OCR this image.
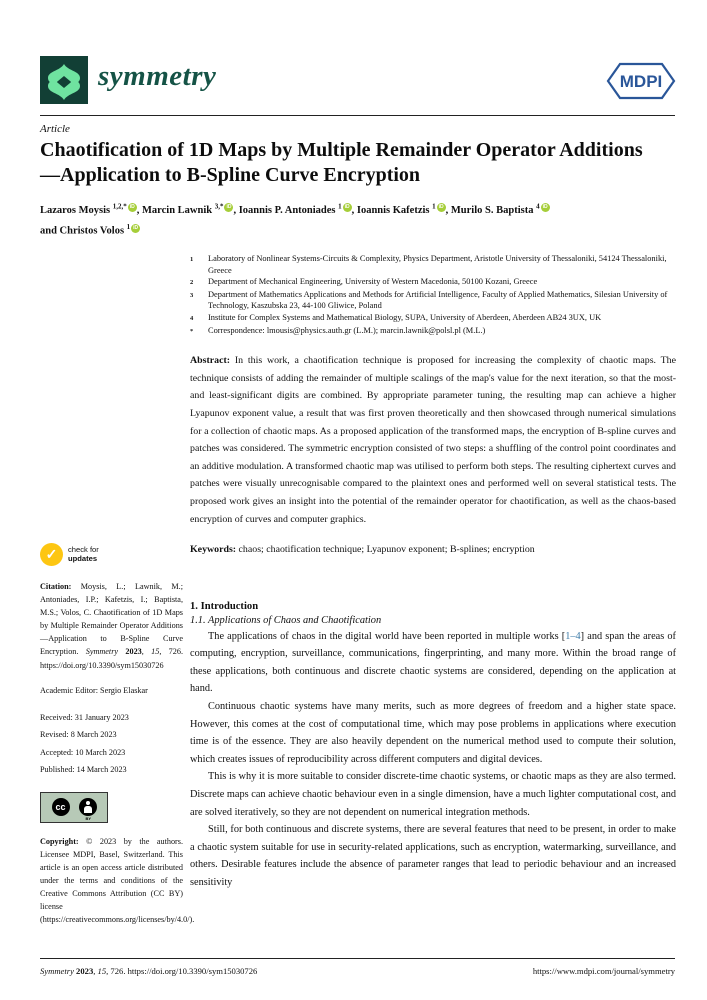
symmetry	MDPI
Article
Chaotification of 1D Maps by Multiple Remainder Operator Additions—Application to B-Spline Curve Encryption
Lazaros Moysis $^{1,2,*}$ iD , Marcin Lawnik $^{3,*}$ iD , Ioannis P. Antoniades $^1$ iD , Ioannis Kafetzis $^1$ iD , Murilo S. Baptista $^4$ iD
and Christos Volos $^1$ iD
✓	check for
updates
Citation: Moysis, L.; Lawnik, M.; Antoniades, I.P.; Kafetzis, I.; Baptista, M.S.; Volos, C. Chaotification of 1D Maps by Multiple Remainder Operator Additions—Application to B-Spline Curve Encryption. Symmetry 2023, 15, 726. https://doi.org/10.3390/sym15030726
Academic Editor: Sergio Elaskar
Received: 31 January 2023
Revised: 8 March 2023
Accepted: 10 March 2023
Published: 14 March 2023
cc
BY
Copyright: © 2023 by the authors. Licensee MDPI, Basel, Switzerland. This article is an open access article distributed under the terms and conditions of the Creative Commons Attribution (CC BY) license (https://creativecommons.org/licenses/by/4.0/).
1	Laboratory of Nonlinear Systems-Circuits & Complexity, Physics Department, Aristotle University of Thessaloniki, 54124 Thessaloniki, Greece
2	Department of Mechanical Engineering, University of Western Macedonia, 50100 Kozani, Greece
3	Department of Mathematics Applications and Methods for Artificial Intelligence, Faculty of Applied Mathematics, Silesian University of Technology, Kaszubska 23, 44-100 Gliwice, Poland
4	Institute for Complex Systems and Mathematical Biology, SUPA, University of Aberdeen, Aberdeen AB24 3UX, UK
*	Correspondence: lmousis@physics.auth.gr (L.M.); marcin.lawnik@polsl.pl (M.L.)
Abstract: In this work, a chaotification technique is proposed for increasing the complexity of chaotic maps. The technique consists of adding the remainder of multiple scalings of the map's value for the next iteration, so that the most- and least-significant digits are combined. By appropriate parameter tuning, the resulting map can achieve a higher Lyapunov exponent value, a result that was first proven theoretically and then showcased through numerical simulations for a collection of chaotic maps. As a proposed application of the transformed maps, the encryption of B-spline curves and patches was considered. The symmetric encryption consisted of two steps: a shuffling of the control point coordinates and an additive modulation. A transformed chaotic map was utilised to perform both steps. The resulting ciphertext curves and patches were visually unrecognisable compared to the plaintext ones and performed well on several statistical tests. The proposed work gives an insight into the potential of the remainder operator for chaotification, as well as the chaos-based encryption of curves and computer graphics.
Keywords: chaos; chaotification technique; Lyapunov exponent; B-splines; encryption
1. Introduction
1.1. Applications of Chaos and Chaotification

The applications of chaos in the digital world have been reported in multiple works [1–4] and span the areas of computing, encryption, surveillance, communications, fingerprinting, and many more. Within the broad range of these applications, both continuous and discrete chaotic systems are considered, depending on the application at hand.

Continuous chaotic systems have many merits, such as more degrees of freedom and a higher state space. However, this comes at the cost of computational time, which may pose problems in applications where execution time is of the essence. They are also heavily dependent on the numerical method used to compute their solution, which creates issues of reproducibility across different computers and digital devices.

This is why it is more suitable to consider discrete-time chaotic systems, or chaotic maps as they are also termed. Discrete maps can achieve chaotic behaviour even in a single dimension, have a much lighter computational cost, and are solved iteratively, so they are not dependent on numerical integration methods.

Still, for both continuous and discrete systems, there are several features that need to be present, in order to make a chaotic system suitable for use in security-related applications, such as encryption, watermarking, surveillance, and others. Desirable features include the absence of parameter ranges that lead to periodic behaviour and an increased sensitivity

Symmetry 2023, 15, 726. https://doi.org/10.3390/sym15030726	https://www.mdpi.com/journal/symmetry
